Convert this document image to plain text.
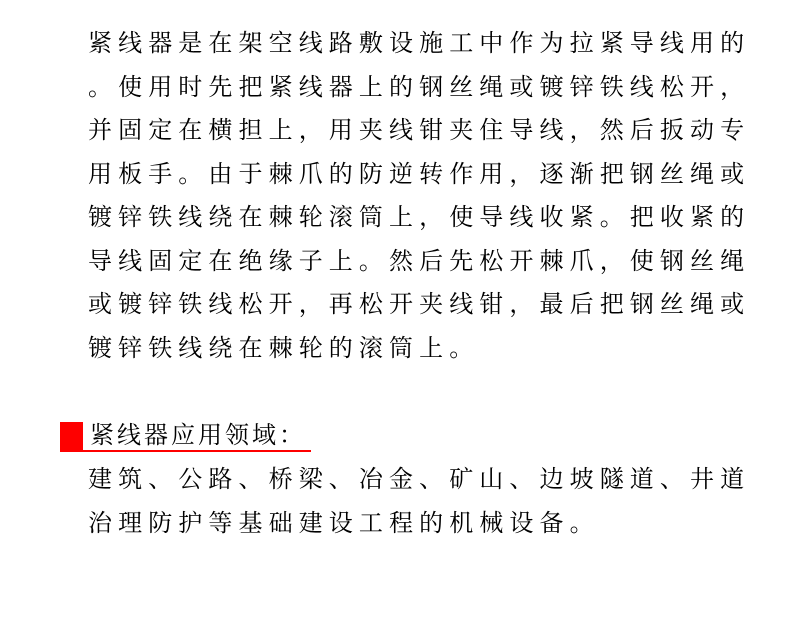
紧线器是在架空线路敷设施工中作为拉紧导线用的
。使用时先把紧线器上的钢丝绳或镀锌铁线松开，
并固定在横担上，用夹线钳夹住导线，然后扳动专
用板手。由于棘爪的防逆转作用，逐渐把钢丝绳或
镀锌铁线绕在棘轮滚筒上，使导线收紧。把收紧的
导线固定在绝缘子上。然后先松开棘爪，使钢丝绳
或镀锌铁线松开，再松开夹线钳，最后把钢丝绳或
镀锌铁线绕在棘轮的滚筒上。
紧线器应用领域：
建筑、公路、桥梁、冶金、矿山、边坡隧道、井道
治理防护等基础建设工程的机械设备。
